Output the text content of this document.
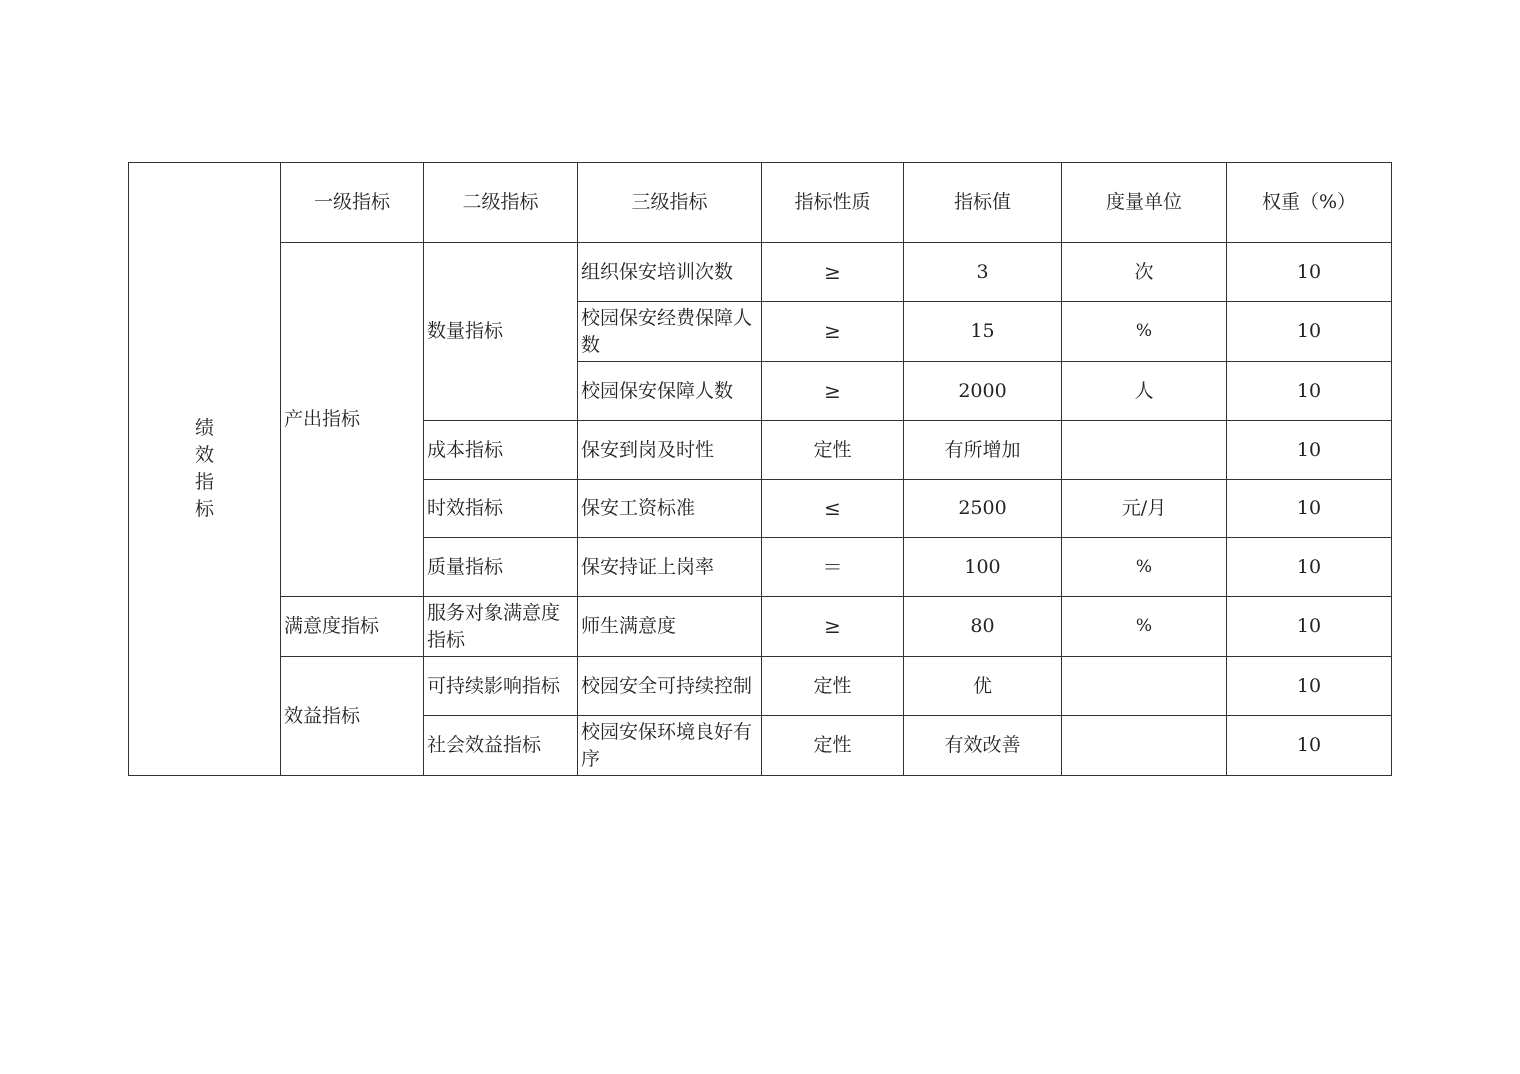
绩
效
指
标	一级指标	二级指标	三级指标	指标性质	指标值	度量单位	权重（%）
	产出指标	数量指标	组织保安培训次数	≥	3	次	10
			校园保安经费保障人数	≥	15	%	10
			校园保安保障人数	≥	2000	人	10
		成本指标	保安到岗及时性	定性	有所增加		10
		时效指标	保安工资标准	≤	2500	元/月	10
		质量指标	保安持证上岗率	＝	100	%	10
	满意度指标	服务对象满意度指标	师生满意度	≥	80	%	10
	效益指标	可持续影响指标	校园安全可持续控制	定性	优		10
		社会效益指标	校园安保环境良好有序	定性	有效改善		10
